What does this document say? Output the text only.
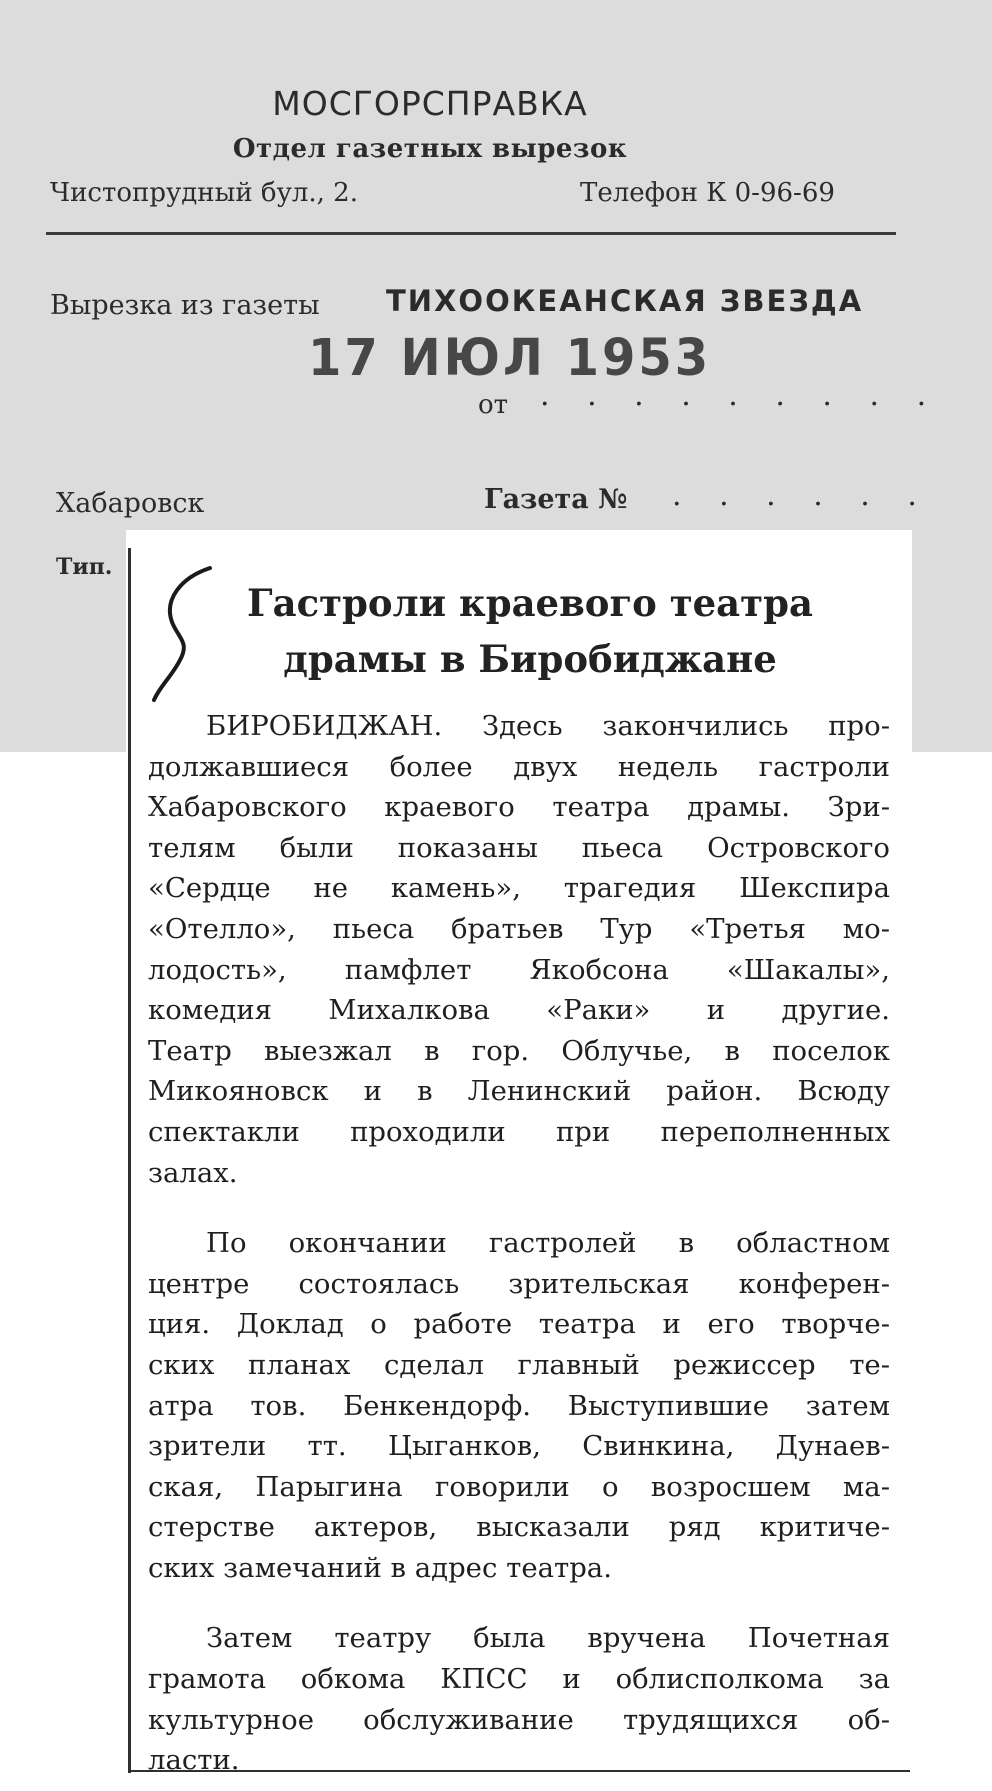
МОСГОРСПРАВКА
Отдел газетных вырезок
Чистопрудный бул., 2.	Телефон К 0-96-69
Вырезка из газеты ТИХООКЕАНСКАЯ ЗВЕЗДА
17 ИЮЛ 1953
от . . . . . . . . .
Хабаровск	Газета № . . . . . .
Тип.
Гастроли краевого театра
драмы в Биробиджане

БИРОБИДЖАН. Здесь закончились про-

должавшиеся более двух недель гастроли

Хабаровского краевого театра драмы. Зри-

телям были показаны пьеса Островского

«Сердце не камень», трагедия Шекспира

«Отелло», пьеса братьев Тур «Третья мо-

лодость», памфлет Якобсона «Шакалы»,

комедия Михалкова «Раки» и другие.

Театр выезжал в гор. Облучье, в поселок

Микояновск и в Ленинский район. Всюду

спектакли проходили при переполненных

залах.

По окончании гастролей в областном

центре состоялась зрительская конферен-

ция. Доклад о работе театра и его творче-

ских планах сделал главный режиссер те-

атра тов. Бенкендорф. Выступившие затем

зрители тт. Цыганков, Свинкина, Дунаев-

ская, Парыгина говорили о возросшем ма-

стерстве актеров, высказали ряд критиче-

ских замечаний в адрес театра.

Затем театру была вручена Почетная

грамота обкома КПСС и облисполкома за

культурное обслуживание трудящихся об-

ласти.
